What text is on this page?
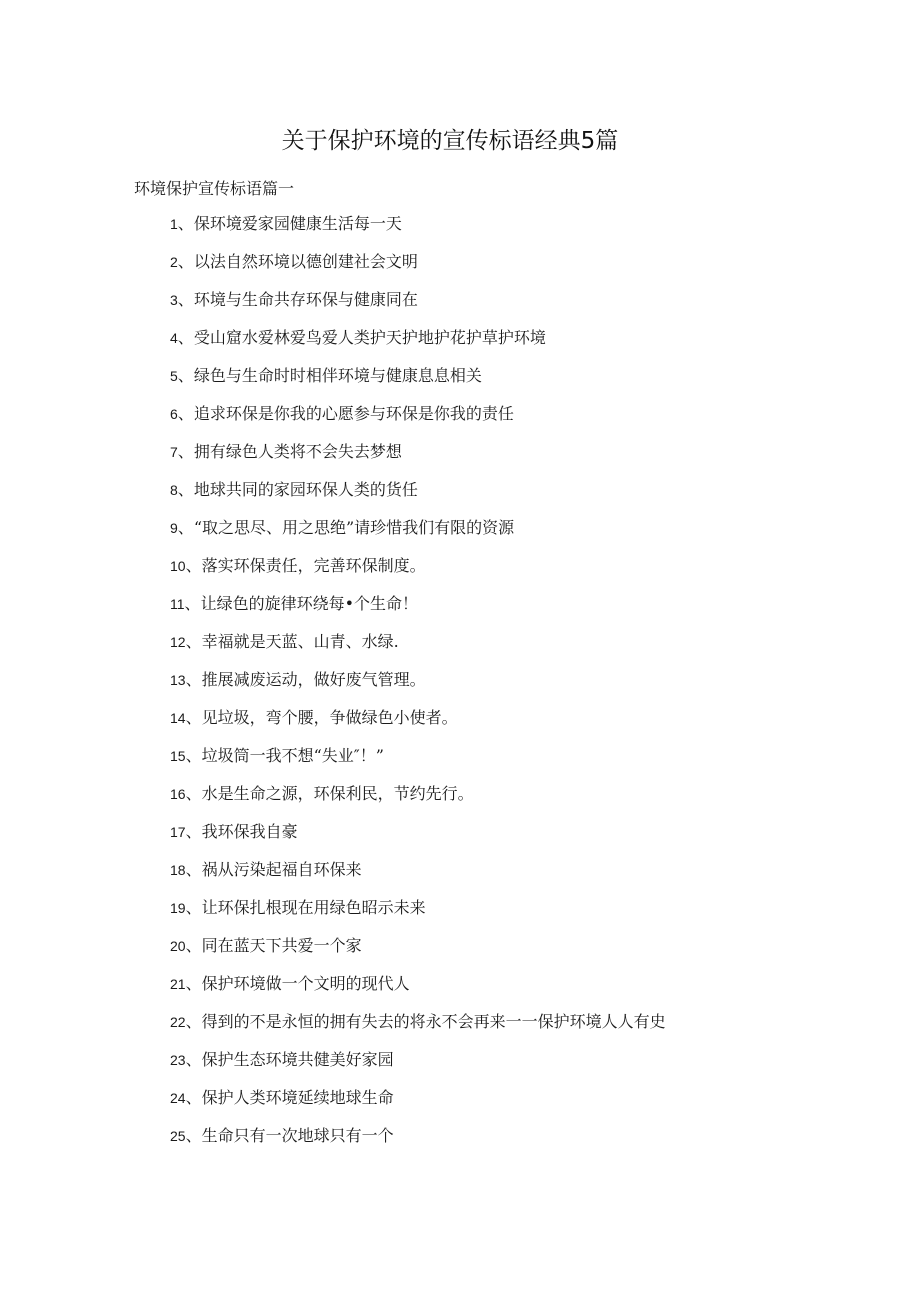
关于保护环境的宣传标语经典5篇
环境保护宣传标语篇一
1 、 保环境爱家园健康生活每一天
2 、 以法自然环境以德创建社会文明
3 、 环境与生命共存环保与健康同在
4 、 受山窟水爱林爱鸟爱人类护天护地护花护草护环境
5 、 绿色与生命时时相伴环境与健康息息相关
6 、 追求环保是你我的心愿参与环保是你我的责任
7 、 拥有绿色人类将不会失去梦想
8 、 地球共同的家园环保人类的货任
9 、 “取之思尽、用之思绝”请珍惜我们有限的资源
10 、 落实环保责任，完善环保制度。
11 、 让绿色的旋律环绕每•个生命！
12 、 幸福就是天蓝、山青、水绿.
13 、 推展减废运动，做好废气管理。
14 、 见垃圾，弯个腰，争做绿色小使者。
15 、 垃圾筒一我不想“失业″！”
16 、 水是生命之源，环保利民，节约先行。
17 、 我环保我自豪
18 、 祸从污染起福自环保来
19 、 让环保扎根现在用绿色昭示未来
20 、 同在蓝天下共爱一个家
21 、 保护环境做一个文明的现代人
22 、 得到的不是永恒的拥有失去的将永不会再来一一保护环境人人有史
23 、 保护生态环境共健美好家园
24 、 保护人类环境延续地球生命
25 、 生命只有一次地球只有一个
